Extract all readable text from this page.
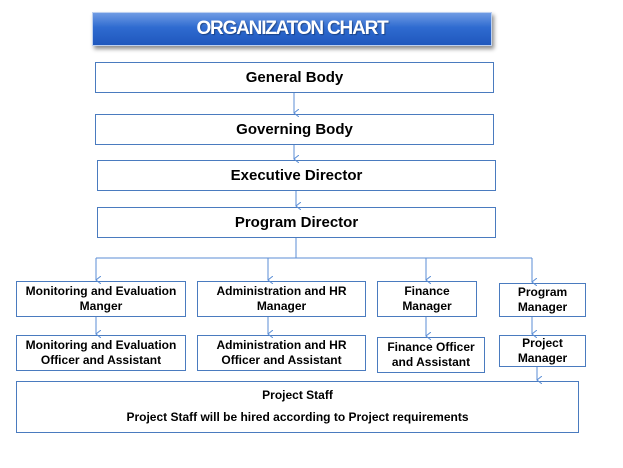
ORGANIZATON CHART
General Body
Governing Body
Executive Director
Program Director
Monitoring and Evaluation Manger
Administration and HR Manager
Finance Manager
Program Manager
Monitoring and Evaluation Officer and Assistant
Administration and HR Officer and Assistant
Finance Officer and Assistant
Project Manager
Project Staff
Project Staff will be hired according to Project requirements
